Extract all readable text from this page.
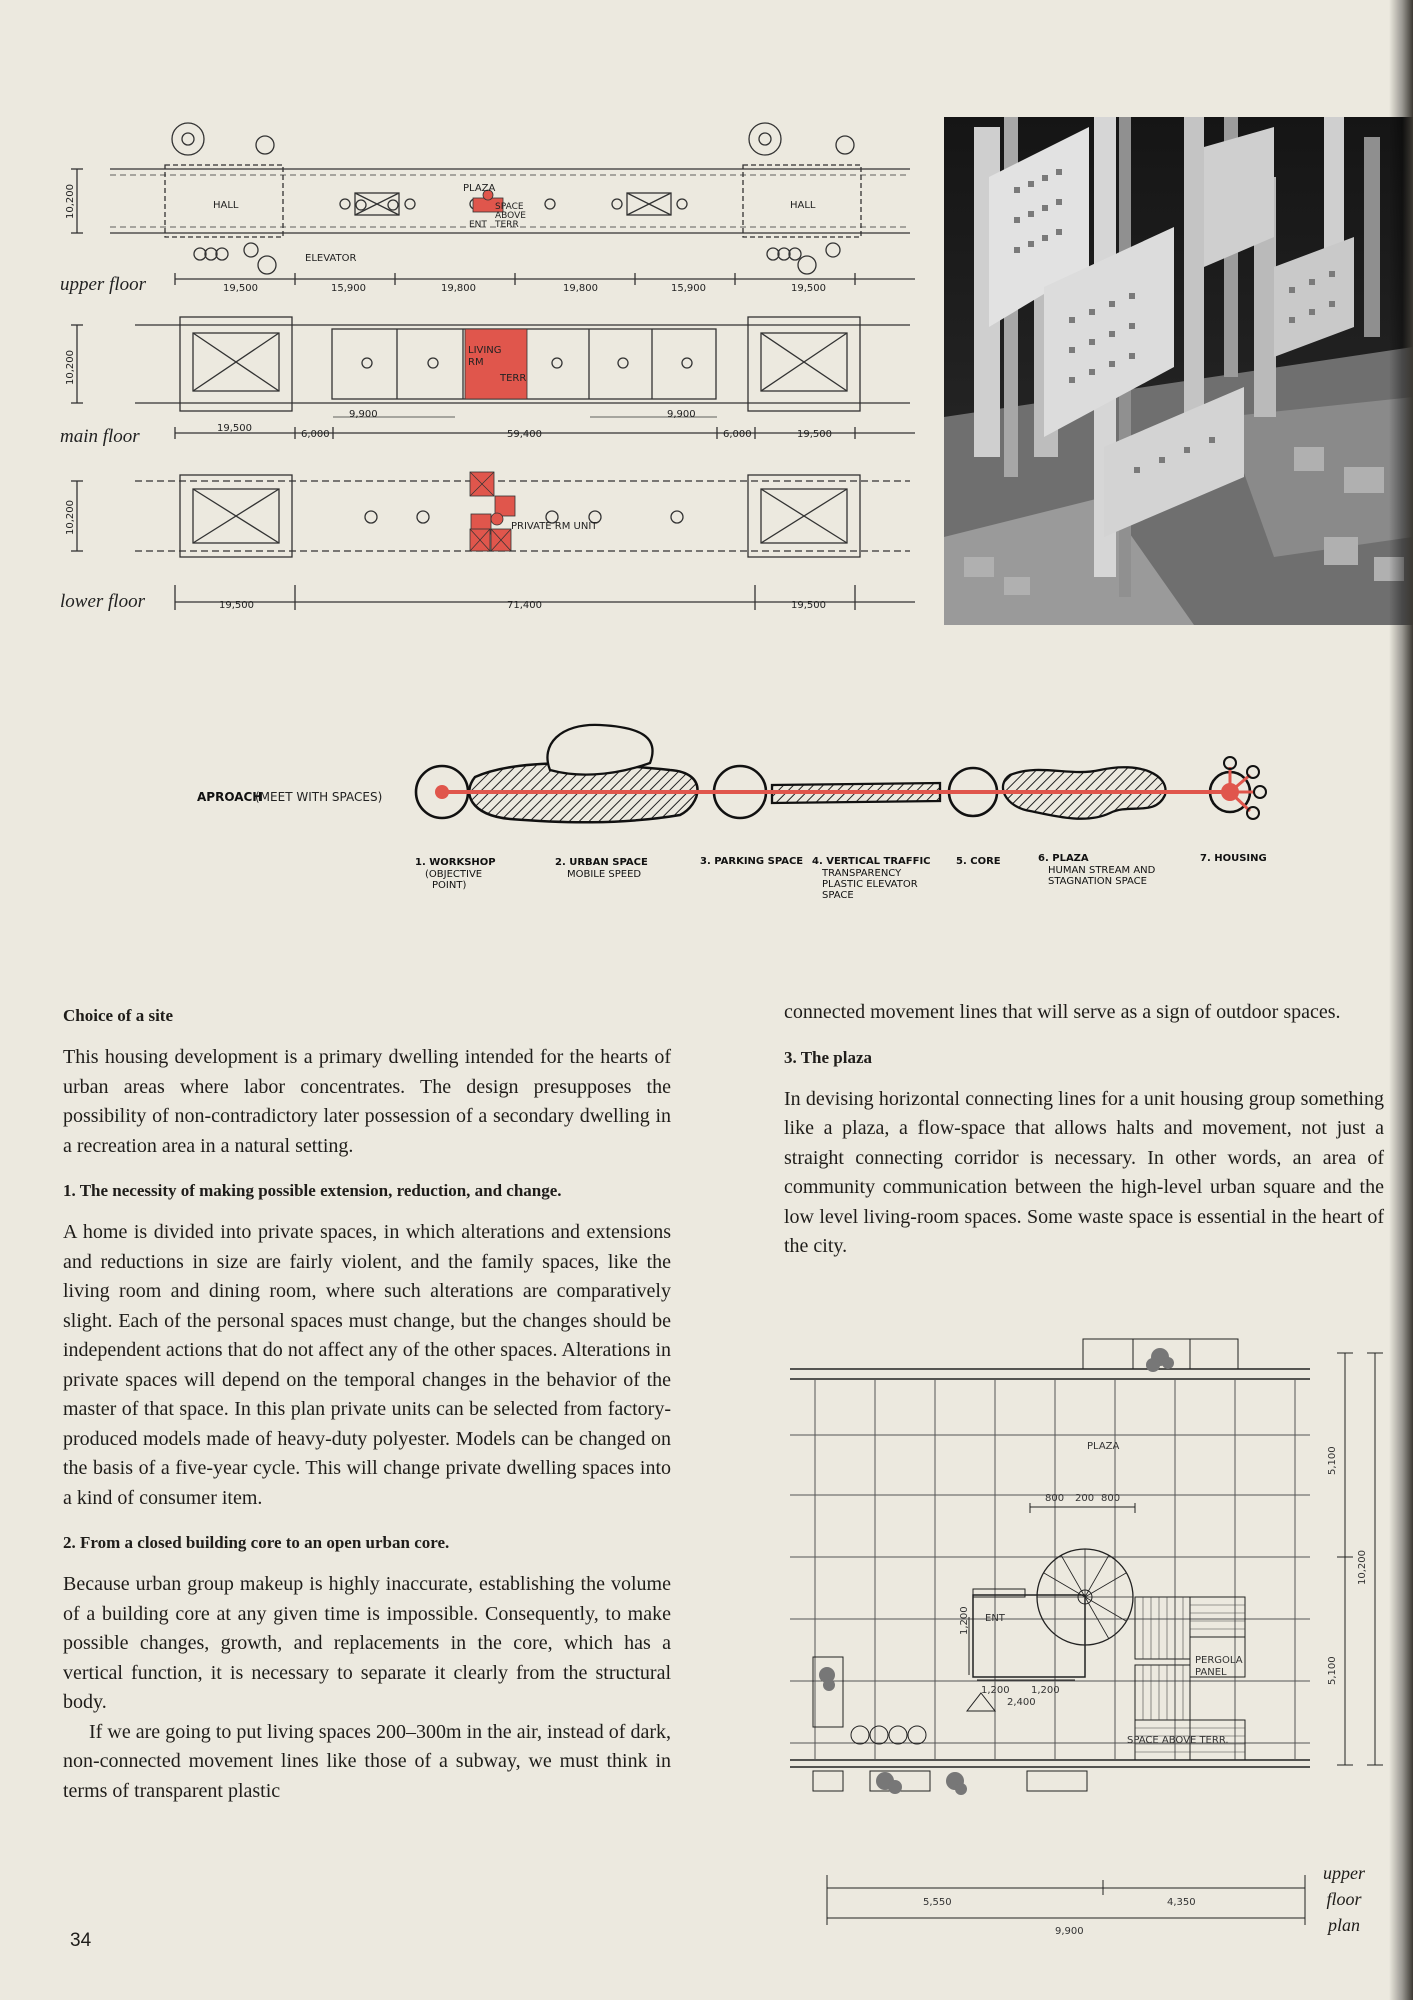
10,200
10,200
10,200
HALL	HALL
PLAZA
SPACE
ABOVE
TERR
ENT
ELEVATOR
19,500	15,900	19,800	19,800	15,900	19,500
LIVING
RM
TERR
9,900	9,900
19,500
6,000	59,400	6,000	19,500
PRIVATE RM UNIT
19,500	71,400	19,500
upper floor
main floor
lower floor
APROACH
(MEET WITH SPACES)
1. WORKSHOP
(OBJECTIVE
POINT)
2. URBAN SPACE
MOBILE SPEED
3. PARKING SPACE 4. VERTICAL TRAFFIC
TRANSPARENCY
PLASTIC ELEVATOR
SPACE
5. CORE	6. PLAZA
HUMAN STREAM AND
STAGNATION SPACE
7. HOUSING
Choice of a site

This housing development is a primary dwelling intended for the hearts of urban areas where labor concentrates. The design presupposes the possibility of non-contradictory later possession of a secondary dwelling in a recreation area in a natural setting.

1. The necessity of making possible extension, reduction, and change.

A home is divided into private spaces, in which alterations and extensions and reductions in size are fairly violent, and the family spaces, like the living room and dining room, where such alterations are comparatively slight. Each of the personal spaces must change, but the changes should be independent actions that do not affect any of the other spaces. Alterations in private spaces will depend on the temporal changes in the behavior of the master of that space. In this plan private units can be selected from factory-produced models made of heavy-duty polyester. Models can be changed on the basis of a five-year cycle. This will change private dwelling spaces into a kind of consumer item.

2. From a closed building core to an open urban core.

Because urban group makeup is highly inaccurate, establishing the volume of a building core at any given time is impossible. Consequently, to make possible changes, growth, and replacements in the core, which has a vertical function, it is necessary to separate it clearly from the structural body.

If we are going to put living spaces 200–300m in the air, instead of dark, non-connected movement lines like those of a subway, we must think in terms of transparent plastic

connected movement lines that will serve as a sign of outdoor spaces.

3. The plaza

In devising horizontal connecting lines for a unit housing group something like a plaza, a flow-space that allows halts and movement, not just a straight connecting corridor is necessary. In other words, an area of community communication between the high-level urban square and the low level living-room spaces. Some waste space is essential in the heart of the city.

PLAZA
800 200 800
ENT
1,200
1,200 1,200
2,400
PERGOLA
PANEL
SPACE ABOVE TERR.
5,100
10,200
5,100
5,550	4,350
9,900
upper
floor
plan
34
